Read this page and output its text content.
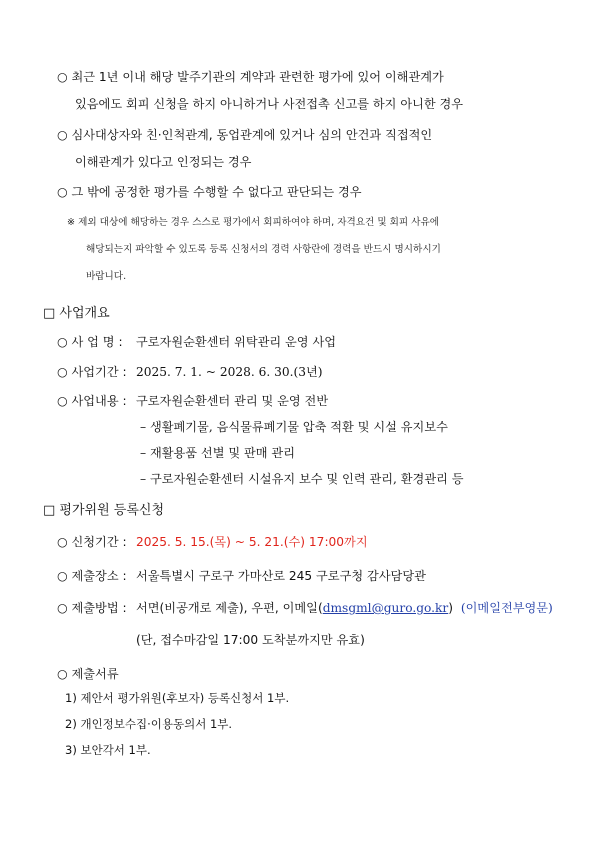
○ 최근 1년 이내 해당 발주기관의 계약과 관련한 평가에 있어 이해관계가
있음에도 회피 신청을 하지 아니하거나 사전접촉 신고를 하지 아니한 경우
○ 심사대상자와 친·인척관계, 동업관계에 있거나 심의 안건과 직접적인
이해관계가 있다고 인정되는 경우
○ 그 밖에 공정한 평가를 수행할 수 없다고 판단되는 경우
※ 제외 대상에 해당하는 경우 스스로 평가에서 회피하여야 하며, 자격요건 및 회피 사유에
해당되는지 파악할 수 있도록 등록 신청서의 경력 사항란에 경력을 반드시 명시하시기
바랍니다.
□ 사업개요
○ 사 업 명 : 구로자원순환센터 위탁관리 운영 사업
○ 사업기간 : 2025. 7. 1. ~ 2028. 6. 30.(3년)
○ 사업내용 : 구로자원순환센터 관리 및 운영 전반
– 생활폐기물, 음식물류폐기물 압축 적환 및 시설 유지보수
– 재활용품 선별 및 판매 관리
– 구로자원순환센터 시설유지 보수 및 인력 관리, 환경관리 등
□ 평가위원 등록신청
○ 신청기간 : 2025. 5. 15.(목) ~ 5. 21.(수) 17:00까지
○ 제출장소 : 서울특별시 구로구 가마산로 245 구로구청 감사담당관
○ 제출방법 : 서면(비공개로 제출), 우편, 이메일(dmsgml@guro.go.kr) (이메일전부영문)
(단, 접수마감일 17:00 도착분까지만 유효)
○ 제출서류
1) 제안서 평가위원(후보자) 등록신청서 1부.
2) 개인정보수집·이용동의서 1부.
3) 보안각서 1부.
